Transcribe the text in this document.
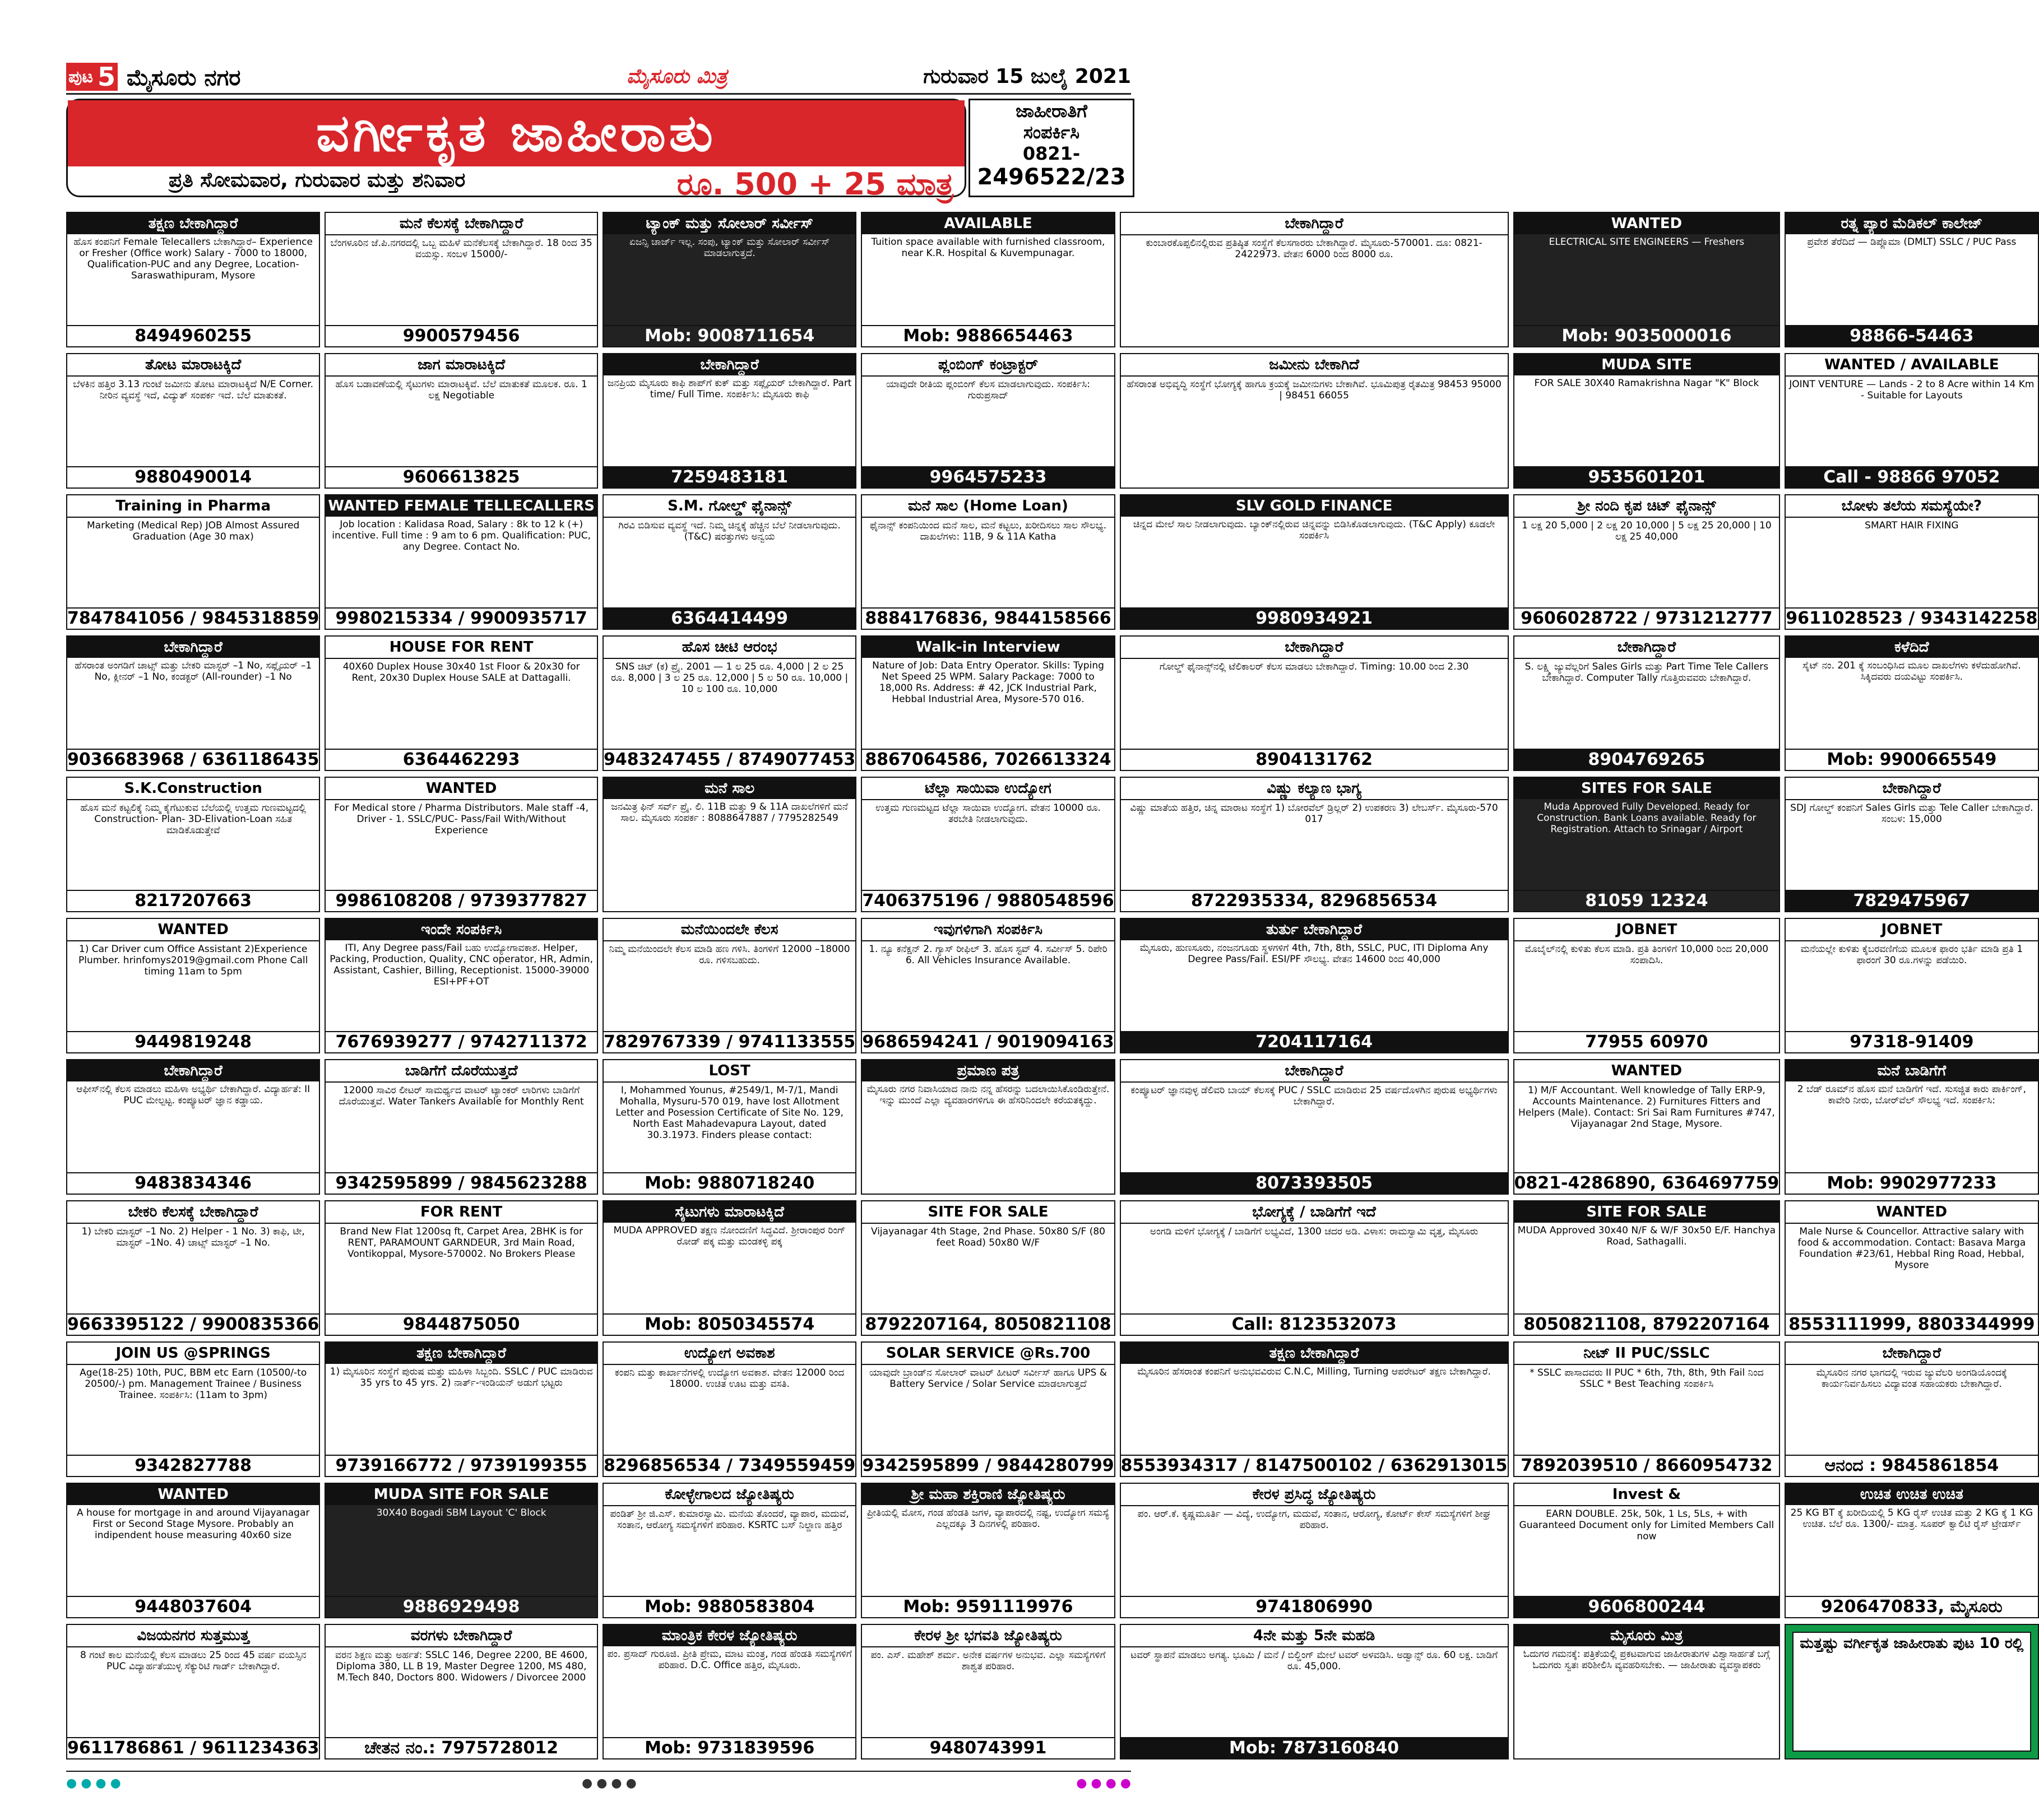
ಪುಟ 5 ಮೈಸೂರು ನಗರ	ಮೈಸೂರು ಮಿತ್ರ	ಗುರುವಾರ 15 ಜುಲೈ 2021
ವರ್ಗೀಕೃತ ಜಾಹೀರಾತು
ಪ್ರತಿ ಸೋಮವಾರ, ಗುರುವಾರ ಮತ್ತು ಶನಿವಾರ	ರೂ. 500 + 25 ಮಾತ್ರ
ಜಾಹೀರಾತಿಗೆ
ಸಂಪರ್ಕಿಸಿ
0821-
2496522/23
ತಕ್ಷಣ ಬೇಕಾಗಿದ್ದಾರೆ
ಹೊಸ ಕಂಪನಿಗೆ Female Telecallers ಬೇಕಾಗಿದ್ದಾರೆ– Experience or Fresher (Office work) Salary - 7000 to 18000, Qualification-PUC and any Degree, Location-Saraswathipuram, Mysore
8494960255
ಮನೆ ಕೆಲಸಕ್ಕೆ ಬೇಕಾಗಿದ್ದಾರೆ
ಬೆಂಗಳೂರಿನ ಜೆ.ಪಿ.ನಗರದಲ್ಲಿ ಒಬ್ಬ ಮಹಿಳೆ ಮನೆಕೆಲಸಕ್ಕೆ ಬೇಕಾಗಿದ್ದಾರೆ. 18 ರಿಂದ 35 ವಯಸ್ಸು. ಸಂಬಳ 15000/-
9900579456
ಟ್ಯಾಂಕ್ ಮತ್ತು ಸೋಲಾರ್ ಸರ್ವೀಸ್
ಏಜನ್ಸಿ ಚಾರ್ಜ್ ಇಲ್ಲ. ಸಂಪು, ಟ್ಯಾಂಕ್ ಮತ್ತು ಸೋಲಾರ್ ಸರ್ವೀಸ್ ಮಾಡಲಾಗುತ್ತದೆ.
Mob: 9008711654
AVAILABLE
Tuition space available with furnished classroom, near K.R. Hospital & Kuvempunagar.
Mob: 9886654463
ಬೇಕಾಗಿದ್ದಾರೆ
ಕುಂಬಾರಕೊಪ್ಪಲಿನಲ್ಲಿರುವ ಪ್ರತಿಷ್ಠಿತ ಸಂಸ್ಥೆಗೆ ಕೆಲಸಗಾರರು ಬೇಕಾಗಿದ್ದಾರೆ. ಮೈಸೂರು-570001. ದೂ: 0821-2422973. ವೇತನ 6000 ರಿಂದ 8000 ರೂ.
WANTED
ELECTRICAL SITE ENGINEERS — Freshers
Mob: 9035000016
ರತ್ನ ಪ್ಯಾರ ಮೆಡಿಕಲ್ ಕಾಲೇಜ್
ಪ್ರವೇಶ ತೆರೆದಿದೆ — ಡಿಪ್ಲೊಮಾ (DMLT) SSLC / PUC Pass
98866-54463
ತೋಟ ಮಾರಾಟಕ್ಕಿದೆ
ಬೆಳಕಿನ ಹತ್ತಿರ 3.13 ಗುಂಟೆ ಜಮೀನು ತೋಟ ಮಾರಾಟಕ್ಕಿದೆ N/E Corner. ನೀರಿನ ವ್ಯವಸ್ಥೆ ಇದೆ, ವಿದ್ಯುತ್ ಸಂಪರ್ಕ ಇದೆ. ಬೆಲೆ ಮಾತುಕತೆ.
9880490014
ಜಾಗ ಮಾರಾಟಕ್ಕಿದೆ
ಹೊಸ ಬಡಾವಣೆಯಲ್ಲಿ ಸೈಟುಗಳು ಮಾರಾಟಕ್ಕಿವೆ. ಬೆಲೆ ಮಾತುಕತೆ ಮೂಲಕ. ರೂ. 1 ಲಕ್ಷ Negotiable
9606613825
ಬೇಕಾಗಿದ್ದಾರೆ
ಜನಪ್ರಿಯ ಮೈಸೂರು ಕಾಫಿ ಶಾಪ್‌ಗೆ ಕುಕ್ ಮತ್ತು ಸಪ್ಲೈಯರ್ ಬೇಕಾಗಿದ್ದಾರೆ. Part time/ Full Time. ಸಂಪರ್ಕಿಸಿ: ಮೈಸೂರು ಕಾಫಿ
7259483181
ಪ್ಲಂಬಿಂಗ್ ಕಂಟ್ರಾಕ್ಟರ್
ಯಾವುದೇ ರೀತಿಯ ಪ್ಲಂಬಿಂಗ್ ಕೆಲಸ ಮಾಡಲಾಗುವುದು. ಸಂಪರ್ಕಿಸಿ: ಗುರುಪ್ರಸಾದ್
9964575233
ಜಮೀನು ಬೇಕಾಗಿದೆ
ಹೆಸರಾಂತ ಅಭಿವೃದ್ಧಿ ಸಂಸ್ಥೆಗೆ ಭೋಗ್ಯಕ್ಕೆ ಹಾಗೂ ಕ್ರಯಕ್ಕೆ ಜಮೀನುಗಳು ಬೇಕಾಗಿವೆ. ಭೂಮಿಪುತ್ರ ರೈತಮಿತ್ರ 98453 95000 | 98451 66055
MUDA SITE
FOR SALE 30X40 Ramakrishna Nagar "K" Block
9535601201
WANTED / AVAILABLE
JOINT VENTURE — Lands - 2 to 8 Acre within 14 Km - Suitable for Layouts
Call - 98866 97052
Training in Pharma
Marketing (Medical Rep) JOB Almost Assured Graduation (Age 30 max)
7847841056 / 9845318859
WANTED FEMALE TELLECALLERS
Job location : Kalidasa Road, Salary : 8k to 12 k (+) incentive. Full time : 9 am to 6 pm. Qualification: PUC, any Degree. Contact No.
9980215334 / 9900935717
S.M. ಗೋಲ್ಡ್ ಫೈನಾನ್ಸ್
ಗಿರವಿ ಬಿಡಿಸುವ ವ್ಯವಸ್ಥೆ ಇದೆ. ನಿಮ್ಮ ಚಿನ್ನಕ್ಕೆ ಹೆಚ್ಚಿನ ಬೆಲೆ ನೀಡಲಾಗುವುದು. (T&C) ಷರತ್ತುಗಳು ಅನ್ವಯ
6364414499
ಮನೆ ಸಾಲ (Home Loan)
ಫೈನಾನ್ಸ್ ಕಂಪನಿಯಿಂದ ಮನೆ ಸಾಲ, ಮನೆ ಕಟ್ಟಲು, ಖರೀದಿಸಲು ಸಾಲ ಸೌಲಭ್ಯ. ದಾಖಲೆಗಳು: 11B, 9 & 11A Katha
8884176836, 9844158566
SLV GOLD FINANCE
ಚಿನ್ನದ ಮೇಲೆ ಸಾಲ ನೀಡಲಾಗುವುದು. ಬ್ಯಾಂಕ್‌ನಲ್ಲಿರುವ ಚಿನ್ನವನ್ನು ಬಿಡಿಸಿಕೊಡಲಾಗುವುದು. (T&C Apply) ಕೂಡಲೇ ಸಂಪರ್ಕಿಸಿ
9980934921
ಶ್ರೀ ನಂದಿ ಕೃಪ ಚಿಟ್ ಫೈನಾನ್ಸ್
1 ಲಕ್ಷ 20 5,000 | 2 ಲಕ್ಷ 20 10,000 | 5 ಲಕ್ಷ 25 20,000 | 10 ಲಕ್ಷ 25 40,000
9606028722 / 9731212777
ಬೋಳು ತಲೆಯ ಸಮಸ್ಯೆಯೇ?
SMART HAIR FIXING
9611028523 / 9343142258
ಬೇಕಾಗಿದ್ದಾರೆ
ಹೆಸರಾಂತ ಅಂಗಡಿಗೆ ಚಾಟ್ಸ್ ಮತ್ತು ಬೇಕರಿ ಮಾಸ್ಟರ್ –1 No, ಸಪ್ಲೈಯರ್ –1 No, ಕ್ಲೀನರ್ –1 No, ಕಂಡಕ್ಟರ್ (All-rounder) –1 No
9036683968 / 6361186435
HOUSE FOR RENT
40X60 Duplex House 30x40 1st Floor & 20x30 for Rent, 20x30 Duplex House SALE at Dattagalli.
6364462293
ಹೊಸ ಚೀಟಿ ಆರಂಭ
SNS ಚಿಟ್ (ಕ) ಪ್ರೈ. 2001 — 1 ಲ 25 ರೂ. 4,000 | 2 ಲ 25 ರೂ. 8,000 | 3 ಲ 25 ರೂ. 12,000 | 5 ಲ 50 ರೂ. 10,000 | 10 ಲ 100 ರೂ. 10,000
9483247455 / 8749077453
Walk-in Interview
Nature of Job: Data Entry Operator. Skills: Typing Net Speed 25 WPM. Salary Package: 7000 to 18,000 Rs. Address: # 42, JCK Industrial Park, Hebbal Industrial Area, Mysore-570 016.
8867064586, 7026613324
ಬೇಕಾಗಿದ್ದಾರೆ
ಗೋಲ್ಡ್ ಫೈನಾನ್ಸ್‌ನಲ್ಲಿ ಟೆಲಿಕಾಲರ್ ಕೆಲಸ ಮಾಡಲು ಬೇಕಾಗಿದ್ದಾರೆ. Timing: 10.00 ರಿಂದ 2.30
8904131762
ಬೇಕಾಗಿದ್ದಾರೆ
S. ಲಕ್ಷ್ಮಿ ಜ್ಯುವೆಲ್ಲರಿಗೆ Sales Girls ಮತ್ತು Part Time Tele Callers ಬೇಕಾಗಿದ್ದಾರೆ. Computer Tally ಗೊತ್ತಿರುವವರು ಬೇಕಾಗಿದ್ದಾರೆ.
8904769265
ಕಳೆದಿದೆ
ಸೈಟ್ ನಂ. 201 ಕ್ಕೆ ಸಂಬಂಧಿಸಿದ ಮೂಲ ದಾಖಲೆಗಳು ಕಳೆದುಹೋಗಿವೆ. ಸಿಕ್ಕಿದವರು ದಯವಿಟ್ಟು ಸಂಪರ್ಕಿಸಿ.
Mob: 9900665549
S.K.Construction
ಹೊಸ ಮನೆ ಕಟ್ಟಲಿಕ್ಕೆ ನಿಮ್ಮ ಕೈಗೆಟುಕುವ ಬೆಲೆಯಲ್ಲಿ ಉತ್ತಮ ಗುಣಮಟ್ಟದಲ್ಲಿ Construction- Plan- 3D-Elivation-Loan ಸಹಿತ ಮಾಡಿಕೊಡುತ್ತೇವೆ
8217207663
WANTED
For Medical store / Pharma Distributors. Male staff -4, Driver - 1. SSLC/PUC- Pass/Fail With/Without Experience
9986108208 / 9739377827
ಮನೆ ಸಾಲ
ಜನಮಿತ್ರ ಫಿನ್ ಸರ್ವ್ ಪ್ರೈ. ಲಿ. 11B ಮತ್ತು 9 & 11A ದಾಖಲೆಗಳಿಗೆ ಮನೆ ಸಾಲ. ಮೈಸೂರು ಸಂಪರ್ಕ : 8088647887 / 7795282549
ಟೆಲ್ಲಾ ಸಾಯಿವಾ ಉದ್ಯೋಗ
ಉತ್ತಮ ಗುಣಮಟ್ಟದ ಟೆಲ್ಲಾ ಸಾಯಿವಾ ಉದ್ಯೋಗ. ವೇತನ 10000 ರೂ. ತರಬೇತಿ ನೀಡಲಾಗುವುದು.
7406375196 / 9880548596
ವಿಷ್ಣು ಕಲ್ಯಾಣ ಭಾಗ್ಯ
ವಿಷ್ಣು ಮಾತೆಯ ಹತ್ತಿರ, ಚಿನ್ನ ಮಾರಾಟ ಸಂಸ್ಥೆಗೆ 1) ಬೋರವೆಲ್ ಡ್ರಿಲ್ಲರ್ 2) ಉಪಕರಣ 3) ಲೇಬರ್ಸ್. ಮೈಸೂರು-570 017
8722935334, 8296856534
SITES FOR SALE
Muda Approved Fully Developed. Ready for Construction. Bank Loans available. Ready for Registration. Attach to Srinagar / Airport
81059 12324
ಬೇಕಾಗಿದ್ದಾರೆ
SDJ ಗೋಲ್ಡ್ ಕಂಪನಿಗೆ Sales Girls ಮತ್ತು Tele Caller ಬೇಕಾಗಿದ್ದಾರೆ. ಸಂಬಳ: 15,000
7829475967
WANTED
1) Car Driver cum Office Assistant 2)Experience Plumber. hrinfomys2019@gmail.com Phone Call timing 11am to 5pm
9449819248
ಇಂದೇ ಸಂಪರ್ಕಿಸಿ
ITI, Any Degree pass/Fail ಬಹು ಉದ್ಯೋಗಾವಕಾಶ. Helper, Packing, Production, Quality, CNC operator, HR, Admin, Assistant, Cashier, Billing, Receptionist. 15000-39000 ESI+PF+OT
7676939277 / 9742711372
ಮನೆಯಿಂದಲೇ ಕೆಲಸ
ನಿಮ್ಮ ಮನೆಯಿಂದಲೇ ಕೆಲಸ ಮಾಡಿ ಹಣ ಗಳಿಸಿ. ತಿಂಗಳಿಗೆ 12000 –18000 ರೂ. ಗಳಿಸಬಹುದು.
7829767339 / 9741133555
ಇವುಗಳಿಗಾಗಿ ಸಂಪರ್ಕಿಸಿ
1. ನ್ಯೂ ಕನೆಕ್ಷನ್ 2. ಗ್ಯಾಸ್ ರೀಫಿಲ್ 3. ಹೊಸ ಸ್ಟವ್ 4. ಸರ್ವೀಸ್ 5. ರಿಪೇರಿ 6. All Vehicles Insurance Available.
9686594241 / 9019094163
ತುರ್ತು ಬೇಕಾಗಿದ್ದಾರೆ
ಮೈಸೂರು, ಹುಣಸೂರು, ನಂಜನಗೂಡು ಸ್ಥಳಗಳಿಗೆ 4th, 7th, 8th, SSLC, PUC, ITI Diploma Any Degree Pass/Fail. ESI/PF ಸೌಲಭ್ಯ. ವೇತನ 14600 ರಿಂದ 40,000
7204117164
JOBNET
ಮೊಬೈಲ್‌ನಲ್ಲಿ ಕುಳಿತು ಕೆಲಸ ಮಾಡಿ. ಪ್ರತಿ ತಿಂಗಳಿಗೆ 10,000 ರಿಂದ 20,000 ಸಂಪಾದಿಸಿ.
77955 60970
JOBNET
ಮನೆಯಲ್ಲೇ ಕುಳಿತು ಕೈಬರವಣಿಗೆಯ ಮೂಲಕ ಫಾರಂ ಭರ್ತಿ ಮಾಡಿ ಪ್ರತಿ 1 ಫಾರಂಗೆ 30 ರೂ.ಗಳನ್ನು ಪಡೆಯಿರಿ.
97318-91409
ಬೇಕಾಗಿದ್ದಾರೆ
ಆಫೀಸ್‌ನಲ್ಲಿ ಕೆಲಸ ಮಾಡಲು ಮಹಿಳಾ ಅಭ್ಯರ್ಥಿ ಬೇಕಾಗಿದ್ದಾರೆ. ವಿದ್ಯಾರ್ಹತೆ: II PUC ಮೇಲ್ಪಟ್ಟ. ಕಂಪ್ಯೂಟರ್ ಜ್ಞಾನ ಕಡ್ಡಾಯ.
9483834346
ಬಾಡಿಗೆಗೆ ದೊರೆಯುತ್ತದೆ
12000 ಸಾವಿರ ಲೀಟರ್ ಸಾಮರ್ಥ್ಯದ ವಾಟರ್ ಟ್ಯಾಂಕರ್ ಲಾರಿಗಳು ಬಾಡಿಗೆಗೆ ದೊರೆಯುತ್ತವೆ. Water Tankers Available for Monthly Rent
9342595899 / 9845623288
LOST
I, Mohammed Younus, #2549/1, M-7/1, Mandi Mohalla, Mysuru-570 019, have lost Allotment Letter and Posession Certificate of Site No. 129, North East Mahadevapura Layout, dated 30.3.1973. Finders please contact:
Mob: 9880718240
ಪ್ರಮಾಣ ಪತ್ರ
ಮೈಸೂರು ನಗರ ನಿವಾಸಿಯಾದ ನಾನು ನನ್ನ ಹೆಸರನ್ನು ಬದಲಾಯಿಸಿಕೊಂಡಿರುತ್ತೇನೆ. ಇನ್ನು ಮುಂದೆ ಎಲ್ಲಾ ವ್ಯವಹಾರಗಳಿಗೂ ಈ ಹೆಸರಿನಿಂದಲೇ ಕರೆಯತಕ್ಕದ್ದು.
ಬೇಕಾಗಿದ್ದಾರೆ
ಕಂಪ್ಯೂಟರ್ ಜ್ಞಾನವುಳ್ಳ ಡೆಲಿವರಿ ಬಾಯ್ ಕೆಲಸಕ್ಕೆ PUC / SSLC ಮಾಡಿರುವ 25 ವರ್ಷದೊಳಗಿನ ಪುರುಷ ಅಭ್ಯರ್ಥಿಗಳು ಬೇಕಾಗಿದ್ದಾರೆ.
8073393505
WANTED
1) M/F Accountant. Well knowledge of Tally ERP-9, Accounts Maintenance. 2) Furnitures Fitters and Helpers (Male). Contact: Sri Sai Ram Furnitures #747, Vijayanagar 2nd Stage, Mysore.
0821-4286890, 6364697759
ಮನೆ ಬಾಡಿಗೆಗೆ
2 ಬೆಡ್ ರೂಮ್‌ನ ಹೊಸ ಮನೆ ಬಾಡಿಗೆಗೆ ಇದೆ. ಸುಸಜ್ಜಿತ ಕಾರು ಪಾರ್ಕಿಂಗ್, ಕಾವೇರಿ ನೀರು, ಬೋರ್‌ವೆಲ್ ಸೌಲಭ್ಯ ಇದೆ. ಸಂಪರ್ಕಿಸಿ:
Mob: 9902977233
ಬೇಕರಿ ಕೆಲಸಕ್ಕೆ ಬೇಕಾಗಿದ್ದಾರೆ
1) ಬೇಕರಿ ಮಾಸ್ಟರ್ –1 No. 2) Helper - 1 No. 3) ಕಾಫಿ, ಟೀ, ಮಾಸ್ಟರ್ –1No. 4) ಚಾಟ್ಸ್ ಮಾಸ್ಟರ್ –1 No.
9663395122 / 9900835366
FOR RENT
Brand New Flat 1200sq ft, Carpet Area, 2BHK is for RENT, PARAMOUNT GARNDEUR, 3rd Main Road, Vontikoppal, Mysore-570002. No Brokers Please
9844875050
ಸೈಟುಗಳು ಮಾರಾಟಕ್ಕಿದೆ
MUDA APPROVED ತಕ್ಷಣ ನೋಂದಣಿಗೆ ಸಿದ್ಧವಿದೆ. ಶ್ರೀರಾಂಪುರ ರಿಂಗ್ ರೋಡ್ ಪಕ್ಕ ಮತ್ತು ಮಂಡಕಳ್ಳಿ ಪಕ್ಕ
Mob: 8050345574
SITE FOR SALE
Vijayanagar 4th Stage, 2nd Phase. 50x80 S/F (80 feet Road) 50x80 W/F
8792207164, 8050821108
ಭೋಗ್ಯಕ್ಕೆ / ಬಾಡಿಗೆಗೆ ಇದೆ
ಅಂಗಡಿ ಮಳಿಗೆ ಭೋಗ್ಯಕ್ಕೆ / ಬಾಡಿಗೆಗೆ ಲಭ್ಯವಿದೆ, 1300 ಚದರ ಅಡಿ. ವಿಳಾಸ: ರಾಮಸ್ವಾಮಿ ವೃತ್ತ, ಮೈಸೂರು
Call: 8123532073
SITE FOR SALE
MUDA Approved 30x40 N/F & W/F 30x50 E/F. Hanchya Road, Sathagalli.
8050821108, 8792207164
WANTED
Male Nurse & Councellor. Attractive salary with food & accommodation. Contact: Basava Marga Foundation #23/61, Hebbal Ring Road, Hebbal, Mysore
8553111999, 8803344999
JOIN US @SPRINGS
Age(18-25) 10th, PUC, BBM etc Earn (10500/-to 20500/-) pm. Management Trainee / Business Trainee. ಸಂಪರ್ಕಿಸಿ: (11am to 3pm)
9342827788
ತಕ್ಷಣ ಬೇಕಾಗಿದ್ದಾರೆ
1) ಮೈಸೂರಿನ ಸಂಸ್ಥೆಗೆ ಪುರುಷ ಮತ್ತು ಮಹಿಳಾ ಸಿಬ್ಬಂದಿ. SSLC / PUC ಮಾಡಿರುವ 35 yrs to 45 yrs. 2) ನಾರ್ತ್-ಇಂಡಿಯನ್ ಅಡುಗೆ ಭಟ್ಟರು
9739166772 / 9739199355
ಉದ್ಯೋಗ ಅವಕಾಶ
ಕಂಪನಿ ಮತ್ತು ಕಾರ್ಖಾನೆಗಳಲ್ಲಿ ಉದ್ಯೋಗ ಅವಕಾಶ. ವೇತನ 12000 ರಿಂದ 18000. ಉಚಿತ ಊಟ ಮತ್ತು ವಸತಿ.
8296856534 / 7349559459
SOLAR SERVICE @Rs.700
ಯಾವುದೇ ಬ್ರಾಂಡ್‌ನ ಸೋಲಾರ್ ವಾಟರ್ ಹೀಟರ್ ಸರ್ವೀಸ್ ಹಾಗೂ UPS & Battery Service / Solar Service ಮಾಡಲಾಗುತ್ತದೆ
9342595899 / 9844280799
ತಕ್ಷಣ ಬೇಕಾಗಿದ್ದಾರೆ
ಮೈಸೂರಿನ ಹೆಸರಾಂತ ಕಂಪನಿಗೆ ಅನುಭವವಿರುವ C.N.C, Milling, Turning ಆಪರೇಟರ್ ತಕ್ಷಣ ಬೇಕಾಗಿದ್ದಾರೆ.
8553934317 / 8147500102 / 6362913015
ನೀಟ್ II PUC/SSLC
* SSLC ಪಾಸಾದವರು II PUC * 6th, 7th, 8th, 9th Fail ನಿಂದ SSLC * Best Teaching ಸಂಪರ್ಕಿಸಿ
7892039510 / 8660954732
ಬೇಕಾಗಿದ್ದಾರೆ
ಮೈಸೂರಿನ ನಗರ ಭಾಗದಲ್ಲಿ ಇರುವ ಜ್ಯುವೆಲರಿ ಅಂಗಡಿಯೊಂದಕ್ಕೆ ಕಾರ್ಯನಿರ್ವಹಿಸಲು ವಿದ್ಯಾವಂತ ಸಹಾಯಕರು ಬೇಕಾಗಿದ್ದಾರೆ.
ಆನಂದ : 9845861854
WANTED
A house for mortgage in and around Vijayanagar First or Second Stage Mysore. Probably an indipendent house measuring 40x60 size
9448037604
MUDA SITE FOR SALE
30X40 Bogadi SBM Layout 'C' Block
9886929498
ಕೋಳ್ಳೇಗಾಲದ ಜ್ಯೋತಿಷ್ಯರು
ಪಂಡಿತ್ ಶ್ರೀ ಜಿ.ಎಸ್. ಕುಮಾರಸ್ವಾಮಿ. ಮನೆಯ ತೊಂದರೆ, ವ್ಯಾಪಾರ, ಮದುವೆ, ಸಂತಾನ, ಆರೋಗ್ಯ ಸಮಸ್ಯೆಗಳಿಗೆ ಪರಿಹಾರ. KSRTC ಬಸ್ ನಿಲ್ದಾಣ ಹತ್ತಿರ
Mob: 9880583804
ಶ್ರೀ ಮಹಾ ಶಕ್ತಿರಾಣಿ ಜ್ಯೋತಿಷ್ಯರು
ಪ್ರೀತಿಯಲ್ಲಿ ಮೋಸ, ಗಂಡ ಹೆಂಡತಿ ಜಗಳ, ವ್ಯಾಪಾರದಲ್ಲಿ ನಷ್ಟ, ಉದ್ಯೋಗ ಸಮಸ್ಯೆ ಎಲ್ಲದಕ್ಕೂ 3 ದಿನಗಳಲ್ಲಿ ಪರಿಹಾರ.
Mob: 9591119976
ಕೇರಳ ಪ್ರಸಿದ್ಧ ಜ್ಯೋತಿಷ್ಯರು
ಪಂ. ಆರ್.ಕೆ. ಕೃಷ್ಣಮೂರ್ತಿ — ವಿದ್ಯೆ, ಉದ್ಯೋಗ, ಮದುವೆ, ಸಂತಾನ, ಆರೋಗ್ಯ, ಕೋರ್ಟ್ ಕೇಸ್ ಸಮಸ್ಯೆಗಳಿಗೆ ಶೀಘ್ರ ಪರಿಹಾರ.
9741806990
Invest &
EARN DOUBLE. 25k, 50k, 1 Ls, 5Ls, + with Guaranteed Document only for Limited Members Call now
9606800244
ಉಚಿತ ಉಚಿತ ಉಚಿತ
25 KG BT ಕ್ಕೆ ಖರೀದಿಯಲ್ಲಿ 5 KG ರೈಸ್ ಉಚಿತ ಮತ್ತು 2 KG ಕ್ಕೆ 1 KG ಉಚಿತ. ಬೆಲೆ ರೂ. 1300/- ಮಾತ್ರ. ಸೂಪರ್ ಕ್ವಾಲಿಟಿ ರೈಸ್ ಟ್ರೇಡರ್ಸ್
9206470833, ಮೈಸೂರು
ವಿಜಯನಗರ ಸುತ್ತಮುತ್ತ
8 ಗಂಟೆ ಕಾಲ ಮನೆಯಲ್ಲಿ ಕೆಲಸ ಮಾಡಲು 25 ರಿಂದ 45 ವರ್ಷ ವಯಸ್ಸಿನ PUC ವಿದ್ಯಾರ್ಹತೆಯುಳ್ಳ ಸೆಕ್ಯುರಿಟಿ ಗಾರ್ಡ್ ಬೇಕಾಗಿದ್ದಾರೆ.
9611786861 / 9611234363
ವರಗಳು ಬೇಕಾಗಿದ್ದಾರೆ
ವರನ ಶಿಕ್ಷಣ ಮತ್ತು ಅರ್ಹತೆ: SSLC 146, Degree 2200, BE 4600, Diploma 380, LL B 19, Master Degree 1200, MS 480, M.Tech 840, Doctors 800. Widowers / Divorcee 2000
ಚೇತನ ನಂ.: 7975728012
ಮಾಂತ್ರಿಕ ಕೇರಳ ಜ್ಯೋತಿಷ್ಯರು
ಪಂ. ಪ್ರಸಾದ್ ಗುರೂಜಿ. ಪ್ರೀತಿ ಪ್ರೇಮ, ಮಾಟ ಮಂತ್ರ, ಗಂಡ ಹೆಂಡತಿ ಸಮಸ್ಯೆಗಳಿಗೆ ಪರಿಹಾರ. D.C. Office ಹತ್ತಿರ, ಮೈಸೂರು.
Mob: 9731839596
ಕೇರಳ ಶ್ರೀ ಭಗವತಿ ಜ್ಯೋತಿಷ್ಯರು
ಪಂ. ಎಸ್. ಮಹೇಶ್ ಶರ್ಮ. ಅನೇಕ ವರ್ಷಗಳ ಅನುಭವ. ಎಲ್ಲಾ ಸಮಸ್ಯೆಗಳಿಗೆ ಶಾಶ್ವತ ಪರಿಹಾರ.
9480743991
4ನೇ ಮತ್ತು 5ನೇ ಮಹಡಿ
ಟವರ್ ಸ್ಥಾಪನೆ ಮಾಡಲು ಅಗತ್ಯ. ಭೂಮಿ / ಮನೆ / ಬಿಲ್ಡಿಂಗ್ ಮೇಲೆ ಟವರ್ ಅಳವಡಿಸಿ. ಅಡ್ವಾನ್ಸ್ ರೂ. 60 ಲಕ್ಷ. ಬಾಡಿಗೆ ರೂ. 45,000.
Mob: 7873160840
ಮೈಸೂರು ಮಿತ್ರ
ಓದುಗರ ಗಮನಕ್ಕೆ: ಪತ್ರಿಕೆಯಲ್ಲಿ ಪ್ರಕಟವಾಗುವ ಜಾಹೀರಾತುಗಳ ವಿಶ್ವಾಸಾರ್ಹತೆ ಬಗ್ಗೆ ಓದುಗರು ಸ್ವತಃ ಪರಿಶೀಲಿಸಿ ವ್ಯವಹರಿಸಬೇಕು. — ಜಾಹೀರಾತು ವ್ಯವಸ್ಥಾಪಕರು
ಮತ್ತಷ್ಟು ವರ್ಗೀಕೃತ ಜಾಹೀರಾತು ಪುಟ 10 ರಲ್ಲಿ
● ● ● ●	● ● ● ●	● ● ● ●
